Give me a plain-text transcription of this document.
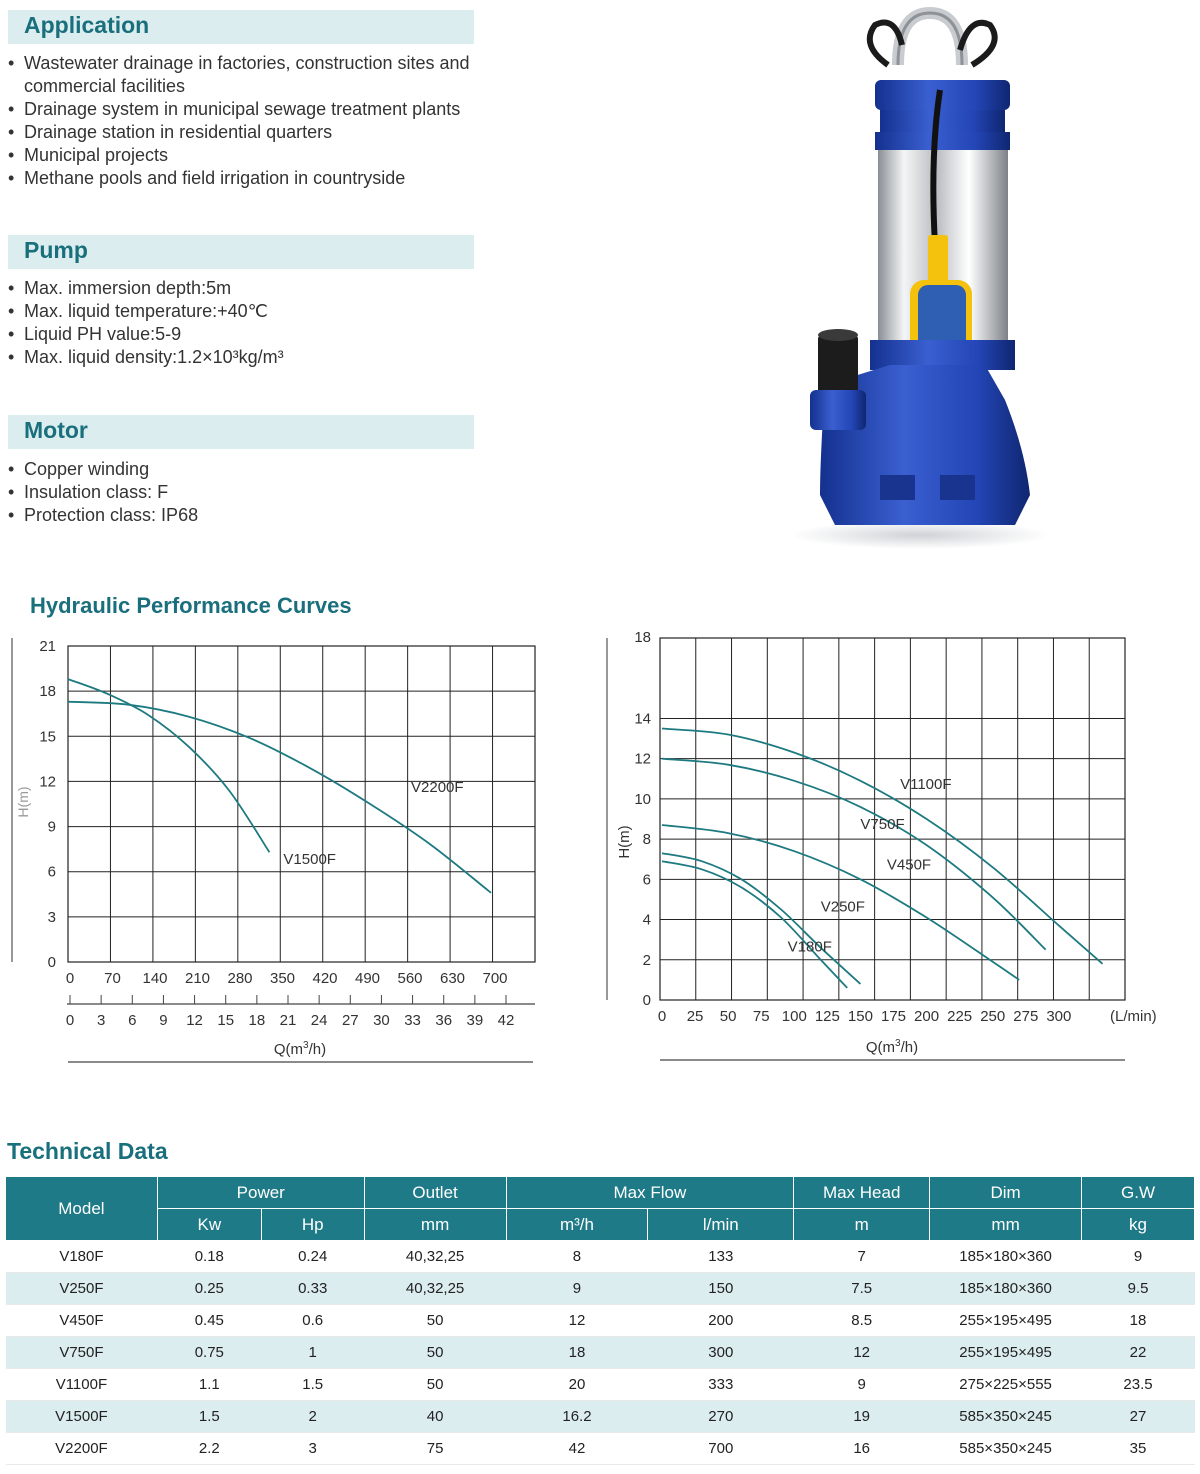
Application
• Wastewater drainage in factories, construction sites and commercial facilities
• Drainage system in municipal sewage treatment plants
• Drainage station in residential quarters
• Municipal projects
• Methane pools and field irrigation in countryside
Pump
• Max. immersion depth:5m
• Max. liquid temperature:+40℃
• Liquid PH value:5-9
• Max. liquid density:1.2×10³kg/m³
Motor
• Copper winding
• Insulation class: F
• Protection class: IP68
Hydraulic Performance Curves
21
18
15
12
9
6
3
0
0 70 140 210 280 350 420 490 560 630 700
0 3 6 9 12 15 18 21 24 27 30 33 36 39 42
V2200F
V1500F
H(m)
$Q(m^3/h)$
18
14
12
10
8
6
4
2
0
0 25 50 75 100 125 150 175 200 225 250 275 300	(L/min)
V1100F
V750F
V450F
V250F
V180F
H(m)
$Q(m^3/h)$
Technical Data
Model	Power		Outlet	Max Flow		Max Head	Dim	G.W
	Kw	Hp	mm	m³/h	l/min	m	mm	kg
V180F	0.18	0.24	40,32,25	8	133	7	185×180×360	9
V250F	0.25	0.33	40,32,25	9	150	7.5	185×180×360	9.5
V450F	0.45	0.6	50	12	200	8.5	255×195×495	18
V750F	0.75	1	50	18	300	12	255×195×495	22
V1100F	1.1	1.5	50	20	333	9	275×225×555	23.5
V1500F	1.5	2	40	16.2	270	19	585×350×245	27
V2200F	2.2	3	75	42	700	16	585×350×245	35
